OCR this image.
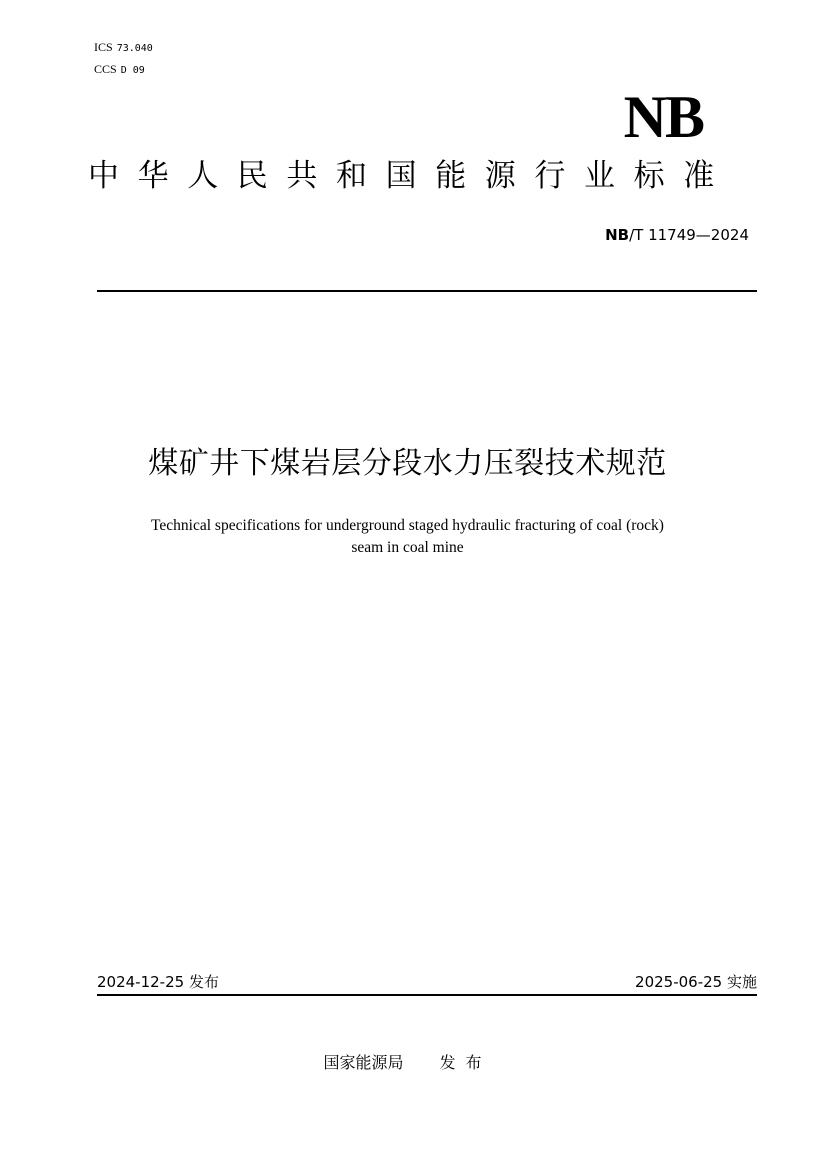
ICS 73.040
CCS D 09
NB
中华人民共和国能源行业标准
NB/T 11749—2024
煤矿井下煤岩层分段水力压裂技术规范
Technical specifications for underground staged hydraulic fracturing of coal (rock)
seam in coal mine
2024-12-25 发布	2025-06-25 实施
国家能源局 发布
